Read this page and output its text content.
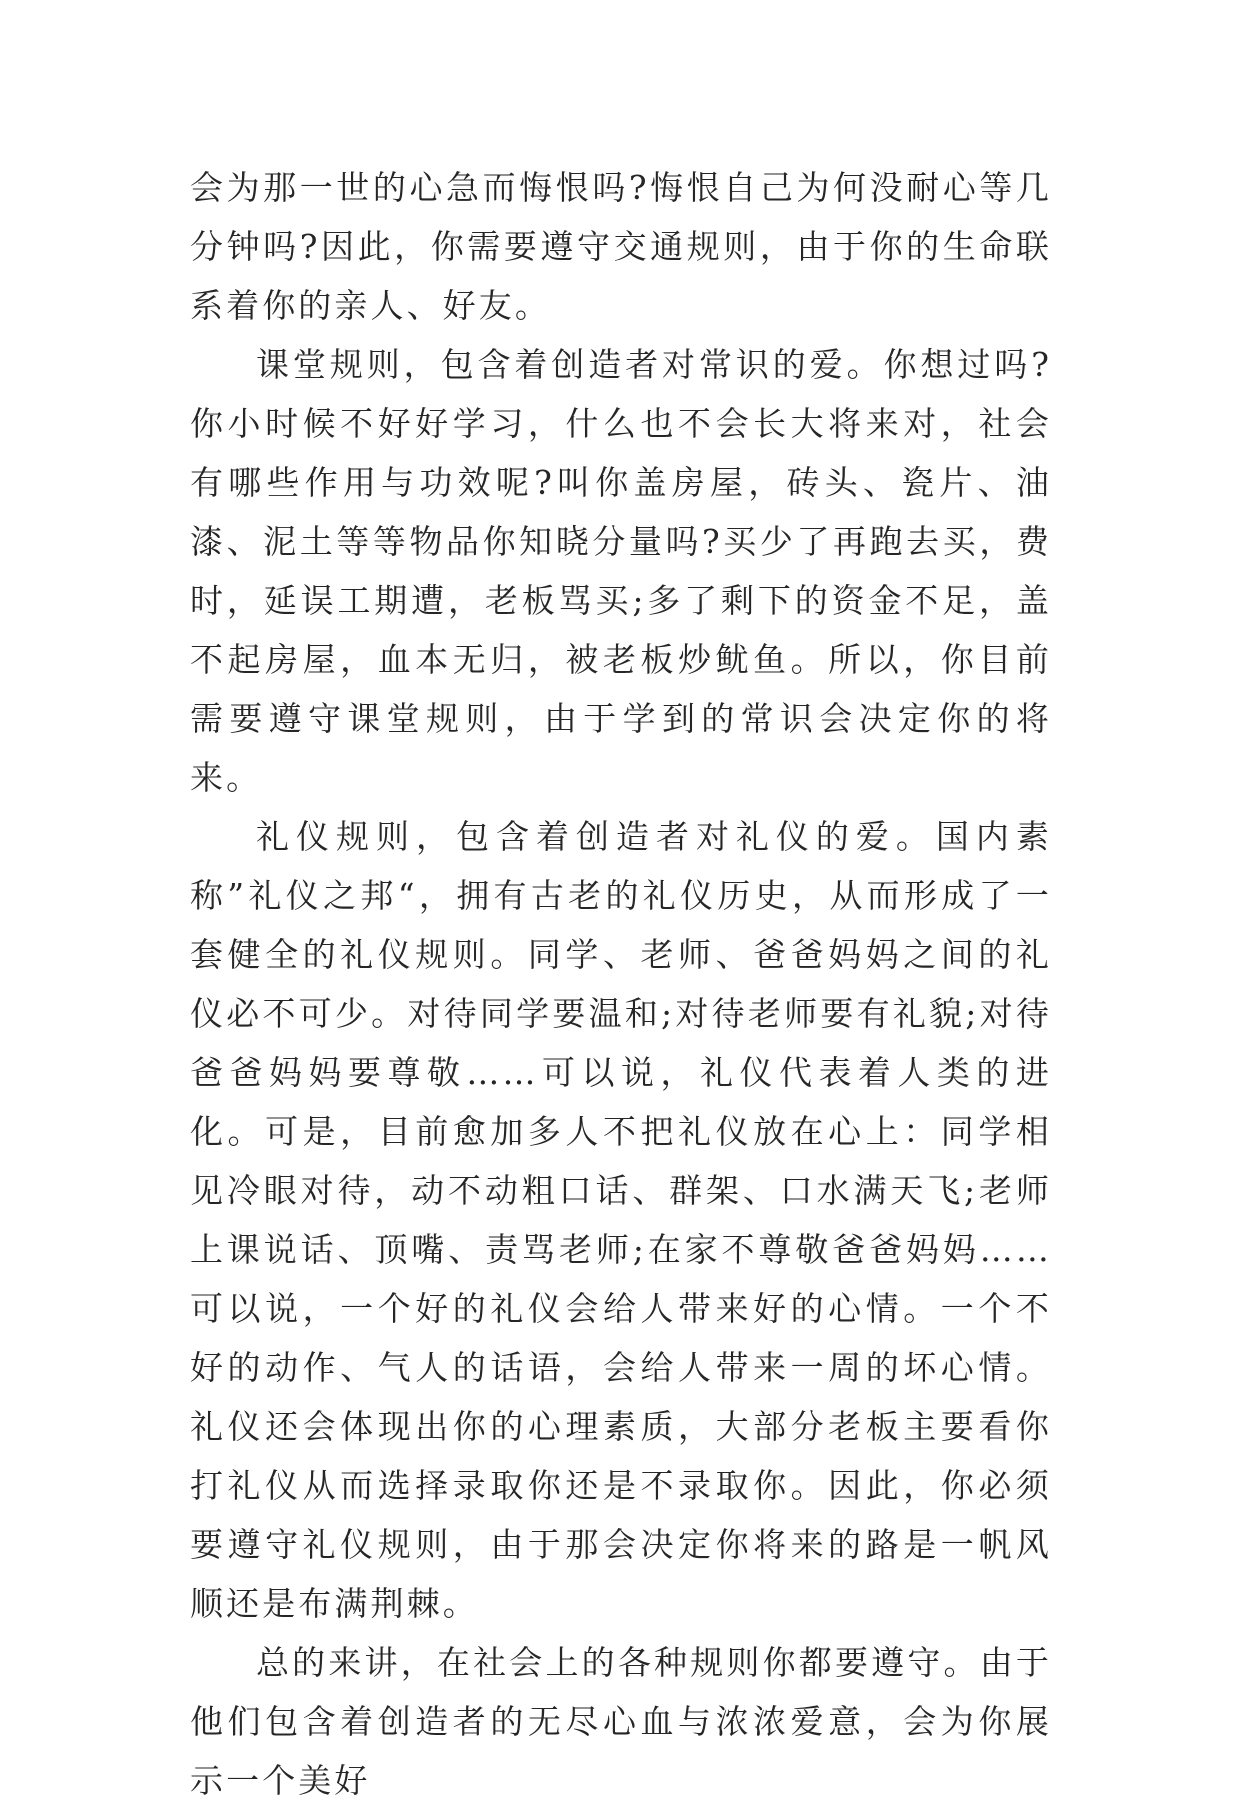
会为那一世的心急而悔恨吗?悔恨自己为何没耐心等几分钟吗?因此，你需要遵守交通规则，由于你的生命联系着你的亲人、好友。

课堂规则，包含着创造者对常识的爱。你想过吗?你小时候不好好学习，什么也不会长大将来对，社会有哪些作用与功效呢?叫你盖房屋，砖头、瓷片、油漆、泥土等等物品你知晓分量吗?买少了再跑去买，费时，延误工期遭，老板骂买;多了剩下的资金不足，盖不起房屋，血本无归，被老板炒鱿鱼。所以，你目前需要遵守课堂规则，由于学到的常识会决定你的将来。

礼仪规则，包含着创造者对礼仪的爱。国内素称”礼仪之邦“，拥有古老的礼仪历史，从而形成了一套健全的礼仪规则。同学、老师、爸爸妈妈之间的礼仪必不可少。对待同学要温和;对待老师要有礼貌;对待爸爸妈妈要尊敬……可以说，礼仪代表着人类的进化。可是，目前愈加多人不把礼仪放在心上：同学相见冷眼对待，动不动粗口话、群架、口水满天飞;老师上课说话、顶嘴、责骂老师;在家不尊敬爸爸妈妈……可以说，一个好的礼仪会给人带来好的心情。一个不好的动作、气人的话语，会给人带来一周的坏心情。礼仪还会体现出你的心理素质，大部分老板主要看你打礼仪从而选择录取你还是不录取你。因此，你必须要遵守礼仪规则，由于那会决定你将来的路是一帆风顺还是布满荆棘。

总的来讲，在社会上的各种规则你都要遵守。由于他们包含着创造者的无尽心血与浓浓爱意，会为你展示一个美好
